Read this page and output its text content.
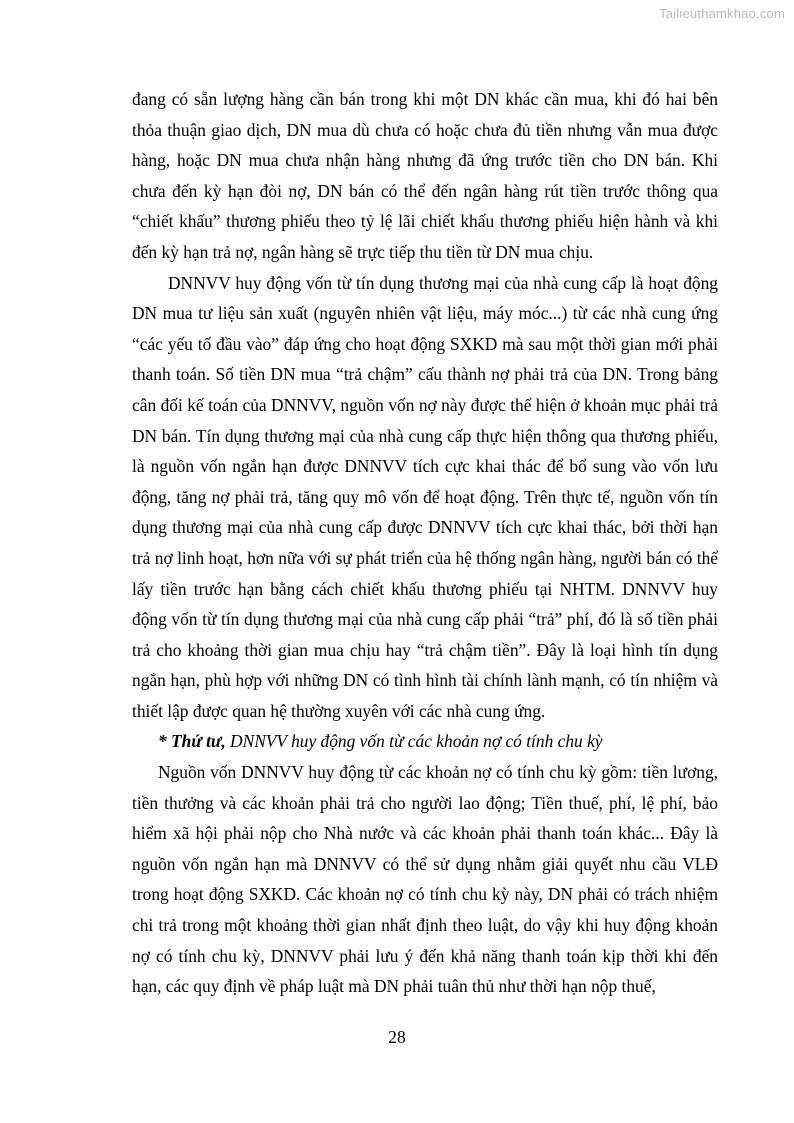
Tailieuthamkhao.com

đang có sẵn lượng hàng cần bán trong khi một DN khác cần mua, khi đó hai bên thỏa thuận giao dịch, DN mua dù chưa có hoặc chưa đủ tiền nhưng vẫn mua được hàng, hoặc DN mua chưa nhận hàng nhưng đã ứng trước tiền cho DN bán. Khi chưa đến kỳ hạn đòi nợ, DN bán có thể đến ngân hàng rút tiền trước thông qua “chiết khấu” thương phiếu theo tỷ lệ lãi chiết khấu thương phiếu hiện hành và khi đến kỳ hạn trả nợ, ngân hàng sẽ trực tiếp thu tiền từ DN mua chịu.

DNNVV huy động vốn từ tín dụng thương mại của nhà cung cấp là hoạt động DN mua tư liệu sản xuất (nguyên nhiên vật liệu, máy móc...) từ các nhà cung ứng “các yếu tố đầu vào” đáp ứng cho hoạt động SXKD mà sau một thời gian mới phải thanh toán. Số tiền DN mua “trả chậm” cấu thành nợ phải trả của DN. Trong bảng cân đối kế toán của DNNVV, nguồn vốn nợ này được thể hiện ở khoản mục phải trả DN bán. Tín dụng thương mại của nhà cung cấp thực hiện thông qua thương phiếu, là nguồn vốn ngắn hạn được DNNVV tích cực khai thác để bổ sung vào vốn lưu động, tăng nợ phải trả, tăng quy mô vốn để hoạt động. Trên thực tế, nguồn vốn tín dụng thương mại của nhà cung cấp được DNNVV tích cực khai thác, bởi thời hạn trả nợ linh hoạt, hơn nữa với sự phát triển của hệ thống ngân hàng, người bán có thể lấy tiền trước hạn bằng cách chiết khấu thương phiếu tại NHTM. DNNVV huy động vốn từ tín dụng thương mại của nhà cung cấp phải “trả” phí, đó là số tiền phải trả cho khoảng thời gian mua chịu hay “trả chậm tiền”. Đây là loại hình tín dụng ngắn hạn, phù hợp với những DN có tình hình tài chính lành mạnh, có tín nhiệm và thiết lập được quan hệ thường xuyên với các nhà cung ứng.

* Thứ tư, DNNVV huy động vốn từ các khoản nợ có tính chu kỳ

Nguồn vốn DNNVV huy động từ các khoản nợ có tính chu kỳ gồm: tiền lương, tiền thưởng và các khoản phải trả cho người lao động; Tiền thuế, phí, lệ phí, bảo hiểm xã hội phải nộp cho Nhà nước và các khoản phải thanh toán khác... Đây là nguồn vốn ngắn hạn mà DNNVV có thể sử dụng nhằm giải quyết nhu cầu VLĐ trong hoạt động SXKD. Các khoản nợ có tính chu kỳ này, DN phải có trách nhiệm chi trả trong một khoảng thời gian nhất định theo luật, do vậy khi huy động khoản nợ có tính chu kỳ, DNNVV phải lưu ý đến khả năng thanh toán kịp thời khi đến hạn, các quy định về pháp luật mà DN phải tuân thủ như thời hạn nộp thuế,

28
